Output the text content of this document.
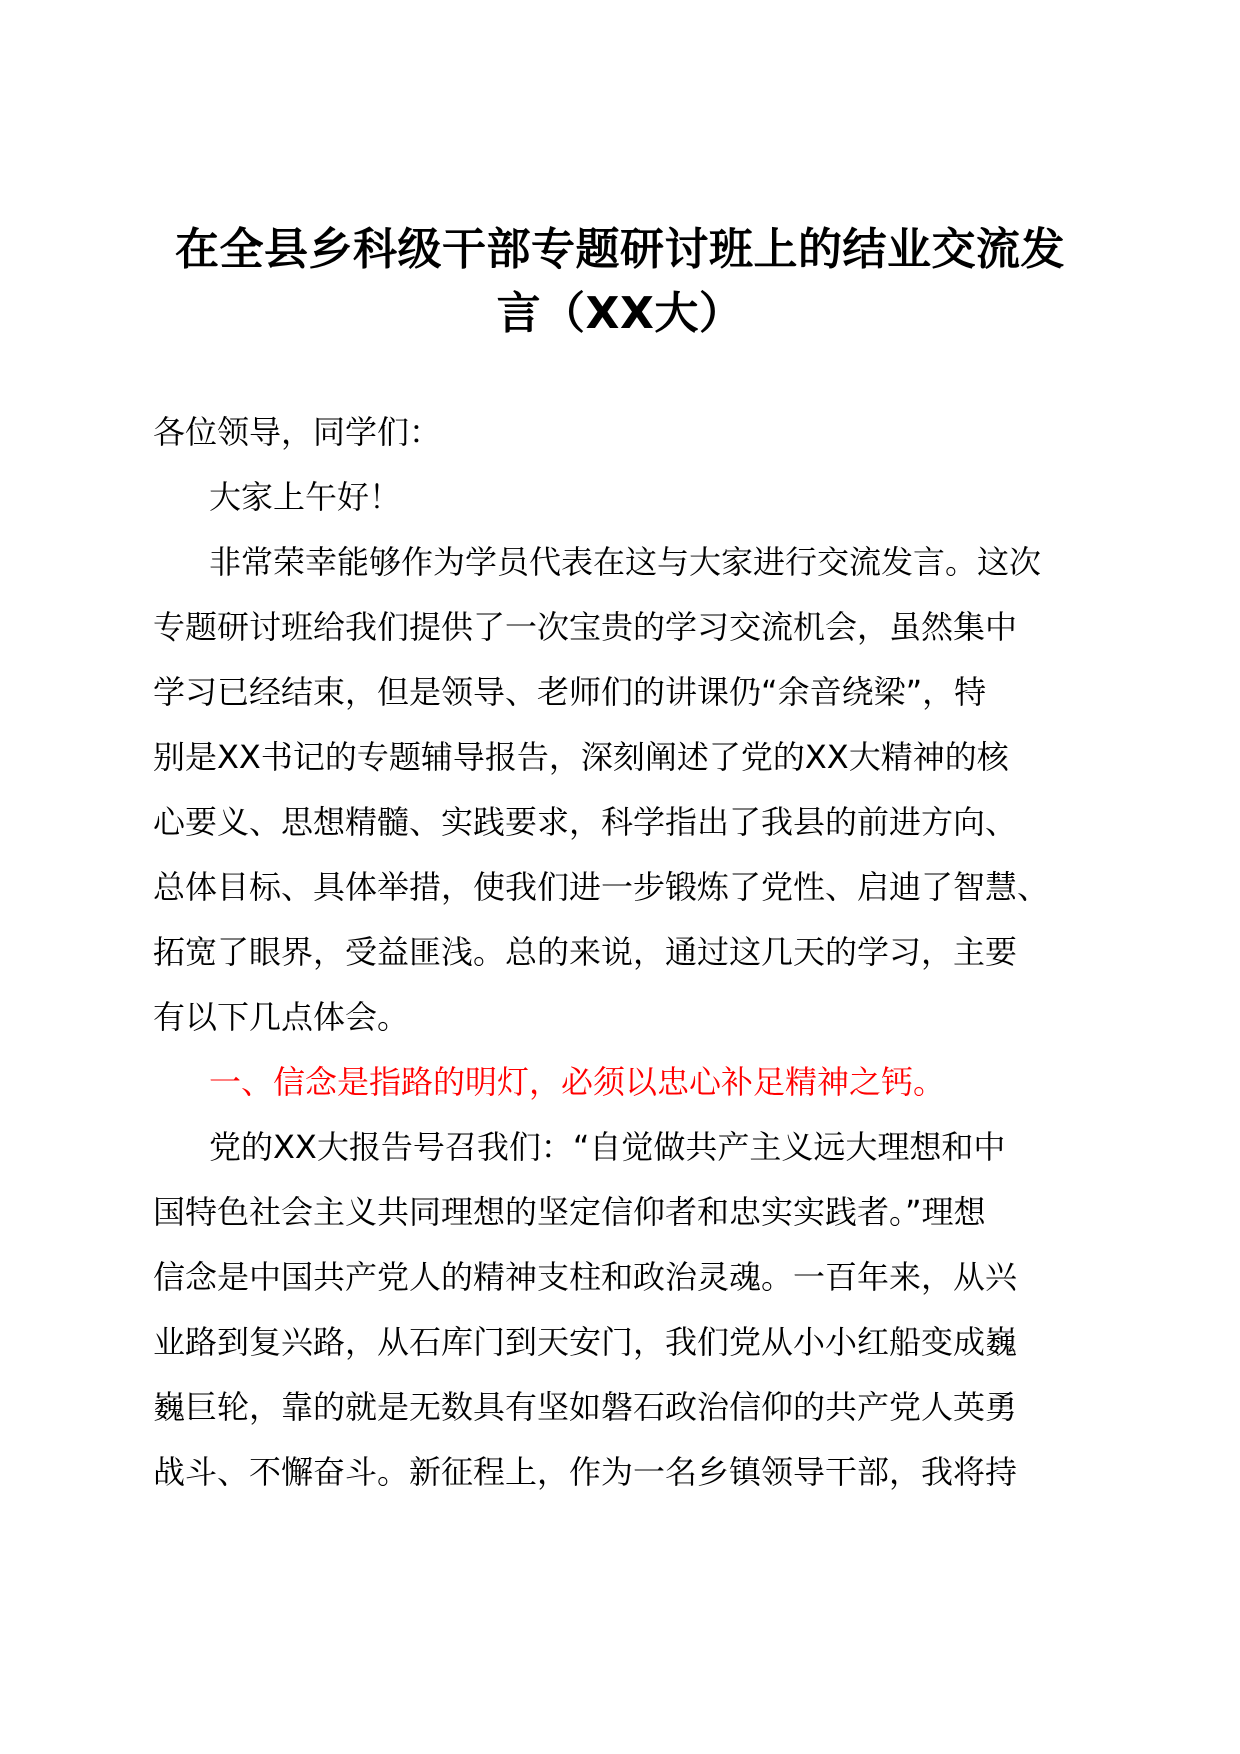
在全县乡科级干部专题研讨班上的结业交流发
言（XX大）

各位领导，同学们：

大家上午好！

非常荣幸能够作为学员代表在这与大家进行交流发言。这次

专题研讨班给我们提供了一次宝贵的学习交流机会，虽然集中

学习已经结束，但是领导、老师们的讲课仍“余音绕梁”，特

别是XX书记的专题辅导报告，深刻阐述了党的XX大精神的核

心要义、思想精髓、实践要求，科学指出了我县的前进方向、

总体目标、具体举措，使我们进一步锻炼了党性、启迪了智慧、

拓宽了眼界，受益匪浅。总的来说，通过这几天的学习，主要

有以下几点体会。

一、信念是指路的明灯，必须以忠心补足精神之钙。

党的XX大报告号召我们：“自觉做共产主义远大理想和中

国特色社会主义共同理想的坚定信仰者和忠实实践者。”理想

信念是中国共产党人的精神支柱和政治灵魂。一百年来，从兴

业路到复兴路，从石库门到天安门，我们党从小小红船变成巍

巍巨轮，靠的就是无数具有坚如磐石政治信仰的共产党人英勇

战斗、不懈奋斗。新征程上，作为一名乡镇领导干部，我将持
